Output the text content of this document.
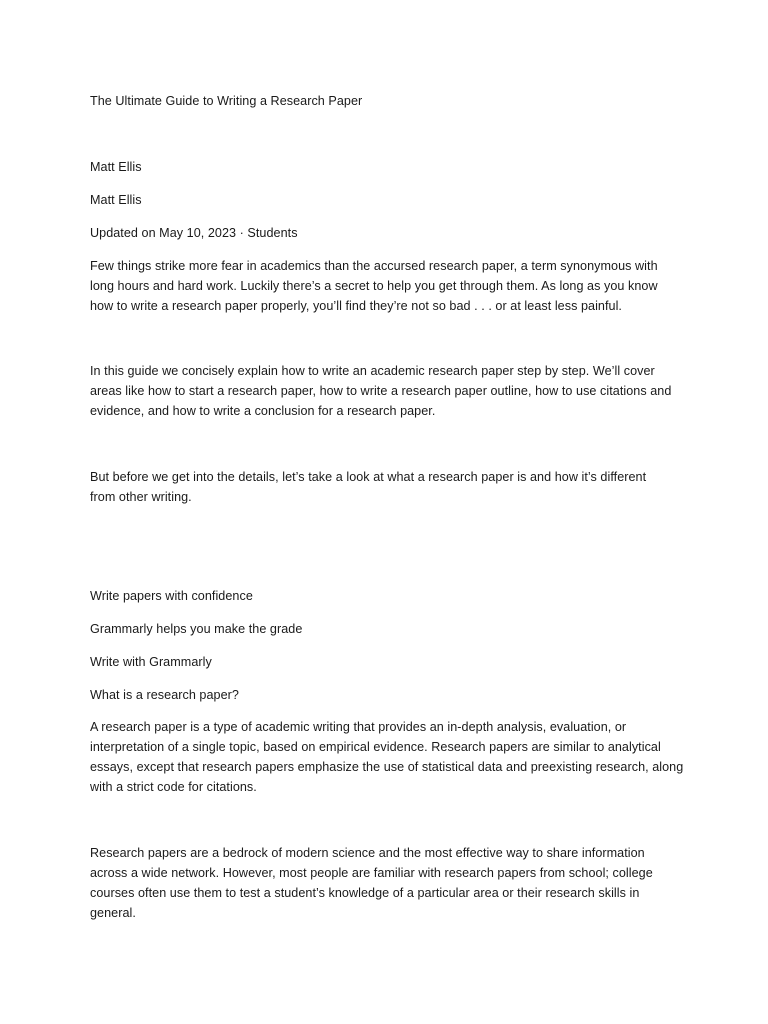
The Ultimate Guide to Writing a Research Paper
Matt Ellis
Matt Ellis
Updated on May 10, 2023 · Students
Few things strike more fear in academics than the accursed research paper, a term synonymous with
long hours and hard work. Luckily there’s a secret to help you get through them. As long as you know
how to write a research paper properly, you’ll find they’re not so bad . . . or at least less painful.
In this guide we concisely explain how to write an academic research paper step by step. We’ll cover
areas like how to start a research paper, how to write a research paper outline, how to use citations and
evidence, and how to write a conclusion for a research paper.
But before we get into the details, let’s take a look at what a research paper is and how it’s different
from other writing.
Write papers with confidence
Grammarly helps you make the grade
Write with Grammarly
What is a research paper?
A research paper is a type of academic writing that provides an in-depth analysis, evaluation, or
interpretation of a single topic, based on empirical evidence. Research papers are similar to analytical
essays, except that research papers emphasize the use of statistical data and preexisting research, along
with a strict code for citations.
Research papers are a bedrock of modern science and the most effective way to share information
across a wide network. However, most people are familiar with research papers from school; college
courses often use them to test a student’s knowledge of a particular area or their research skills in
general.
